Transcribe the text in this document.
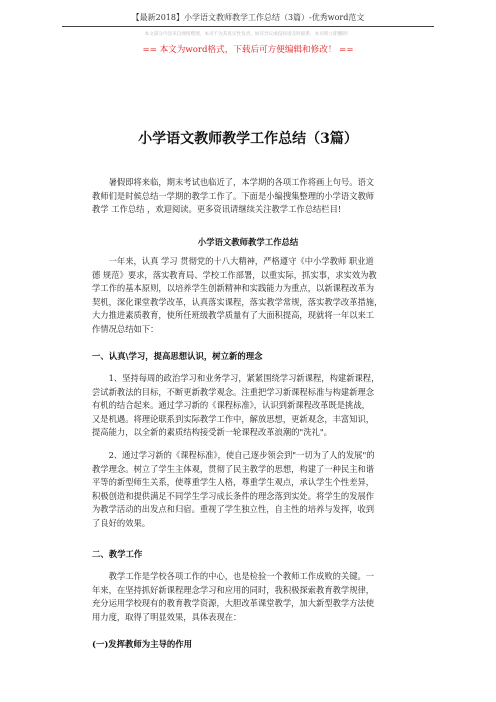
【最新2018】小学语文教师教学工作总结（3篇）-优秀word范文
本文部分内容来自网络整理，本司不为其真实性负责，如有异议或侵权请及时联系，本司将立即删除！
== 本文为word格式，下载后可方便编辑和修改！ ==
小学语文教师教学工作总结（3篇）
　　暑假即将来临，期末考试也临近了，本学期的各项工作将画上句号。语文
教师们是时候总结一学期的教学工作了。下面是小编搜集整理的小学语文教师
教学 工作总结 ，欢迎阅读。更多资讯请继续关注教学工作总结栏目!
小学语文教师教学工作总结
　　一年来，认真 学习 贯彻党的十八大精神，严格遵守《中小学教师 职业道
德 规范》要求，落实教育局、学校工作部署，以重实际，抓实事，求实效为教
学工作的基本原则，以培养学生创新精神和实践能力为重点，以新课程改革为
契机，深化课堂教学改革，认真落实课程，落实教学常规，落实教学改革措施，
大力推进素质教育，使所任班级教学质量有了大面积提高，现就将一年以来工
作情况总结如下：
一、认真\学习，提高思想认识，树立新的理念
　　1、坚持每周的政治学习和业务学习，紧紧围绕学习新课程，构建新课程，
尝试新教法的目标，不断更新教学观念。注重把学习新课程标准与构建新理念
有机的结合起来。通过学习新的《课程标准》，认识到新课程改革既是挑战，
又是机遇。将理论联系到实际教学工作中，解放思想，更新观念，丰富知识，
提高能力，以全新的素质结构接受新一轮课程改革浪潮的"洗礼"。
　　2、通过学习新的《课程标准》，使自己逐步领会到"一切为了人的发展"的
教学理念。树立了学生主体观，贯彻了民主教学的思想，构建了一种民主和谐
平等的新型师生关系，使尊重学生人格，尊重学生观点，承认学生个性差异，
积极创造和提供满足不同学生学习成长条件的理念落到实处。将学生的发展作
为教学活动的出发点和归宿。重视了学生独立性，自主性的培养与发挥，收到
了良好的效果。
二、教学工作
　　教学工作是学校各项工作的中心，也是检验一个教师工作成败的关键。一
年来，在坚持抓好新课程理念学习和应用的同时，我积极探索教育教学规律，
充分运用学校现有的教育教学资源，大胆改革课堂教学，加大新型教学方法使
用力度，取得了明显效果，具体表现在：
(一)发挥教师为主导的作用
